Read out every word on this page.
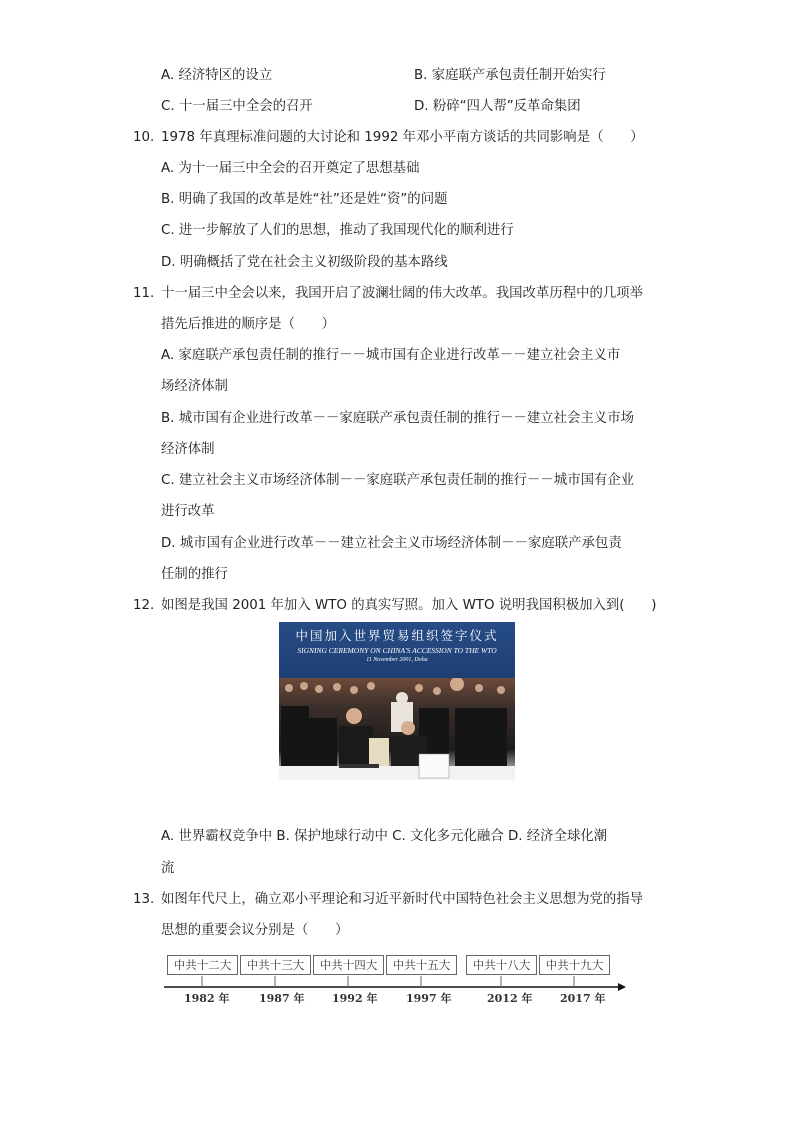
A. 经济特区的设立	B. 家庭联产承包责任制开始实行
C. 十一届三中全会的召开	D. 粉碎“四人帮”反革命集团
10. 1978 年真理标准问题的大讨论和 1992 年邓小平南方谈话的共同影响是（　　）
A. 为十一届三中全会的召开奠定了思想基础
B. 明确了我国的改革是姓“社”还是姓“资”的问题
C. 进一步解放了人们的思想，推动了我国现代化的顺利进行
D. 明确概括了党在社会主义初级阶段的基本路线
11. 十一届三中全会以来，我国开启了波澜壮阔的伟大改革。我国改革历程中的几项举
措先后推进的顺序是（　　）
A. 家庭联产承包责任制的推行－－城市国有企业进行改革－－建立社会主义市
场经济体制
B. 城市国有企业进行改革－－家庭联产承包责任制的推行－－建立社会主义市场
经济体制
C. 建立社会主义市场经济体制－－家庭联产承包责任制的推行－－城市国有企业
进行改革
D. 城市国有企业进行改革－－建立社会主义市场经济体制－－家庭联产承包责
任制的推行
12. 如图是我国 2001 年加入 WTO 的真实写照。加入 WTO 说明我国积极加入到(　　)
中国加入世界贸易组织签字仪式
SIGNING CEREMONY ON CHINA'S ACCESSION TO THE WTO
11 November 2001, Doha
A. 世界霸权竞争中 B. 保护地球行动中 C. 文化多元化融合 D. 经济全球化潮
流
13. 如图年代尺上，确立邓小平理论和习近平新时代中国特色社会主义思想为党的指导
思想的重要会议分别是（　　）
中共十二大	中共十三大	中共十四大	中共十五大	中共十八大	中共十九大
1982 年	1987 年	1992 年	1997 年	2012 年	2017 年
